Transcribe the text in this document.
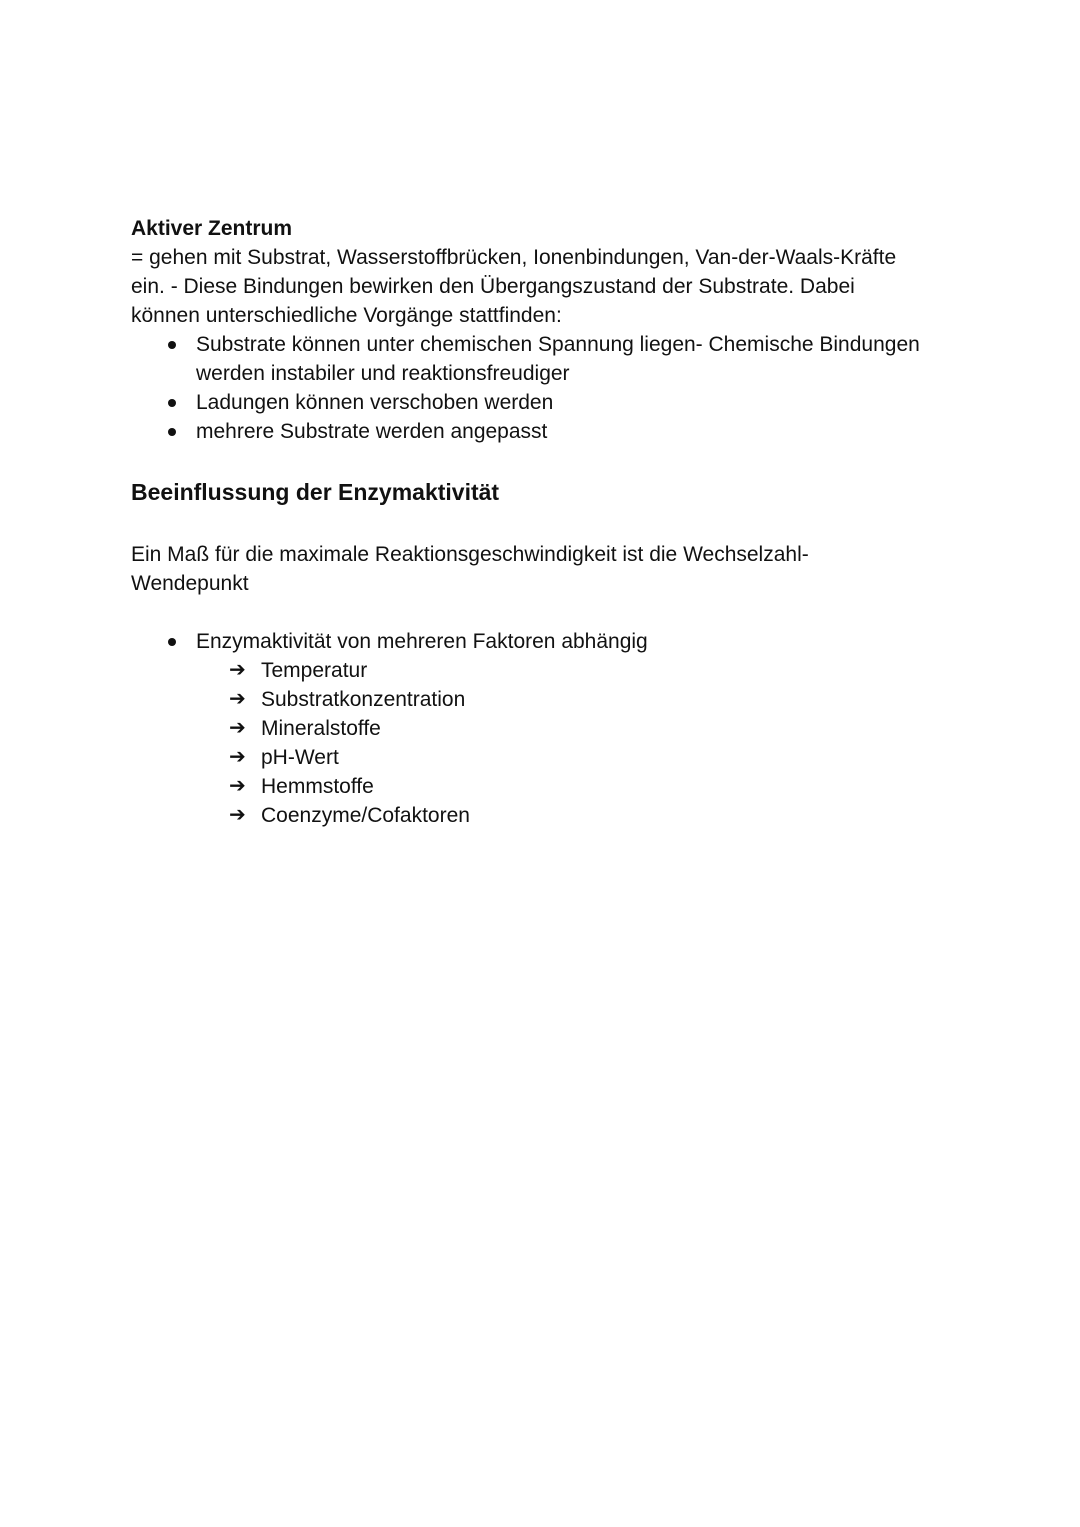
Aktiver Zentrum
= gehen mit Substrat, Wasserstoffbrücken, Ionenbindungen, Van-der-Waals-Kräfte
ein. - Diese Bindungen bewirken den Übergangszustand der Substrate. Dabei
können unterschiedliche Vorgänge stattfinden:
Substrate können unter chemischen Spannung liegen- Chemische Bindungen werden instabiler und reaktionsfreudiger
Ladungen können verschoben werden
mehrere Substrate werden angepasst
Beeinflussung der Enzymaktivität
Ein Maß für die maximale Reaktionsgeschwindigkeit ist die Wechselzahl-
Wendepunkt
Enzymaktivität von mehreren Faktoren abhängig
➔ Temperatur
➔ Substratkonzentration
➔ Mineralstoffe
➔ pH-Wert
➔ Hemmstoffe
➔ Coenzyme/Cofaktoren
